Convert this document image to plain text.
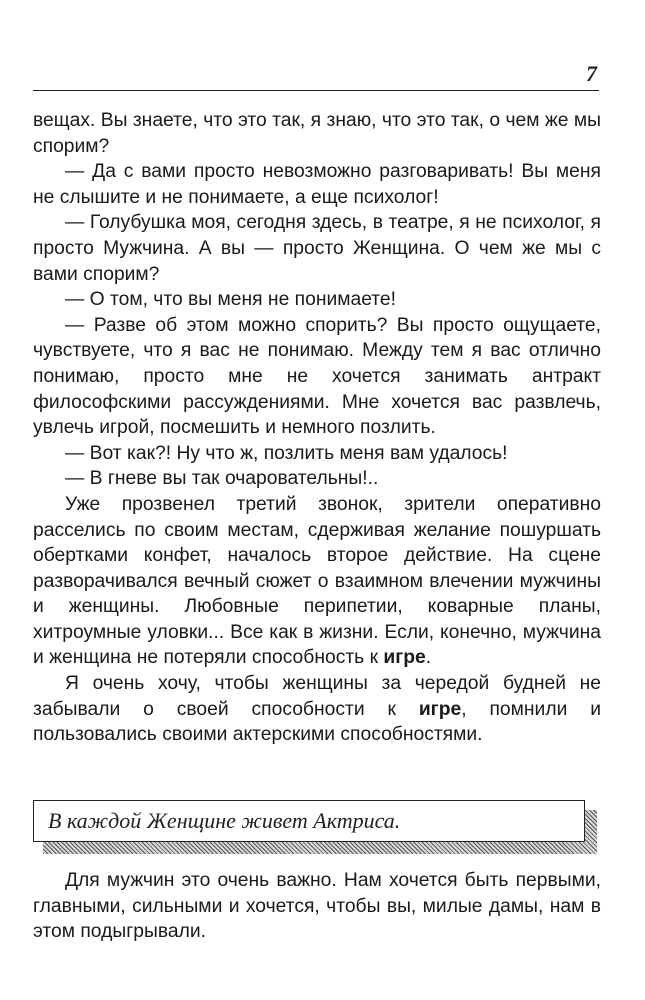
7

вещах. Вы знаете, что это так, я знаю, что это так, о чем же мы спорим?

— Да с вами просто невозможно разговаривать! Вы меня не слышите и не понимаете, а еще психолог!

— Голубушка моя, сегодня здесь, в театре, я не психолог, я просто Мужчина. А вы — просто Женщина. О чем же мы с вами спорим?

— О том, что вы меня не понимаете!

— Разве об этом можно спорить? Вы просто ощущаете, чувствуете, что я вас не понимаю. Между тем я вас отлично понимаю, просто мне не хочется занимать антракт философскими рассуждениями. Мне хочется вас развлечь, увлечь игрой, посмешить и немного позлить.

— Вот как?! Ну что ж, позлить меня вам удалось!

— В гневе вы так очаровательны!..

Уже прозвенел третий звонок, зрители оперативно расселись по своим местам, сдерживая желание пошуршать обертками конфет, началось второе действие. На сцене разворачивался вечный сюжет о взаимном влечении мужчины и женщины. Любовные перипетии, коварные планы, хитроумные уловки... Все как в жизни. Если, конечно, мужчина и женщина не потеряли способность к игре.

Я очень хочу, чтобы женщины за чередой будней не забывали о своей способности к игре, помнили и пользовались своими актерскими способностями.

В каждой Женщине живет Актриса.

Для мужчин это очень важно. Нам хочется быть первыми, главными, сильными и хочется, чтобы вы, милые дамы, нам в этом подыгрывали.
